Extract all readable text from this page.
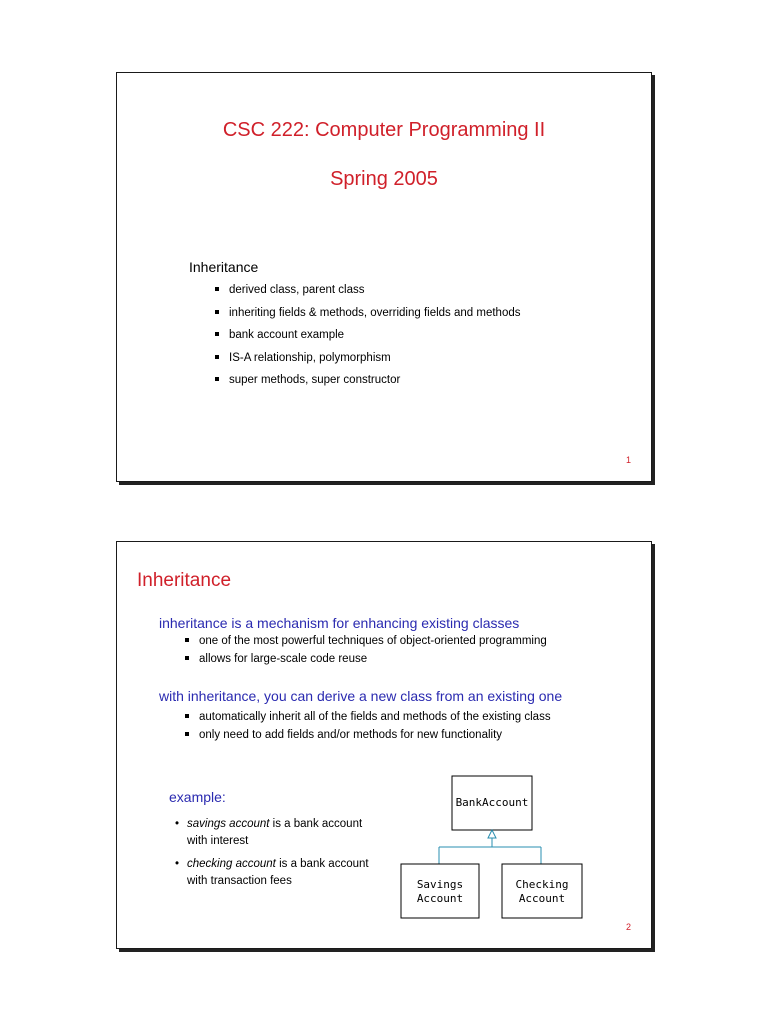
CSC 222: Computer Programming II
Spring 2005
Inheritance
derived class, parent class
inheriting fields & methods, overriding fields and methods
bank account example
IS-A relationship, polymorphism
super methods, super constructor
1
Inheritance
inheritance is a mechanism for enhancing existing classes
one of the most powerful techniques of object-oriented programming
allows for large-scale code reuse
with inheritance, you can derive a new class from an existing one
automatically inherit all of the fields and methods of the existing class
only need to add fields and/or methods for new functionality
example:
• savings account is a bank account with interest
• checking account is a bank account with transaction fees
BankAccount
Savings
Account
Checking
Account
2
